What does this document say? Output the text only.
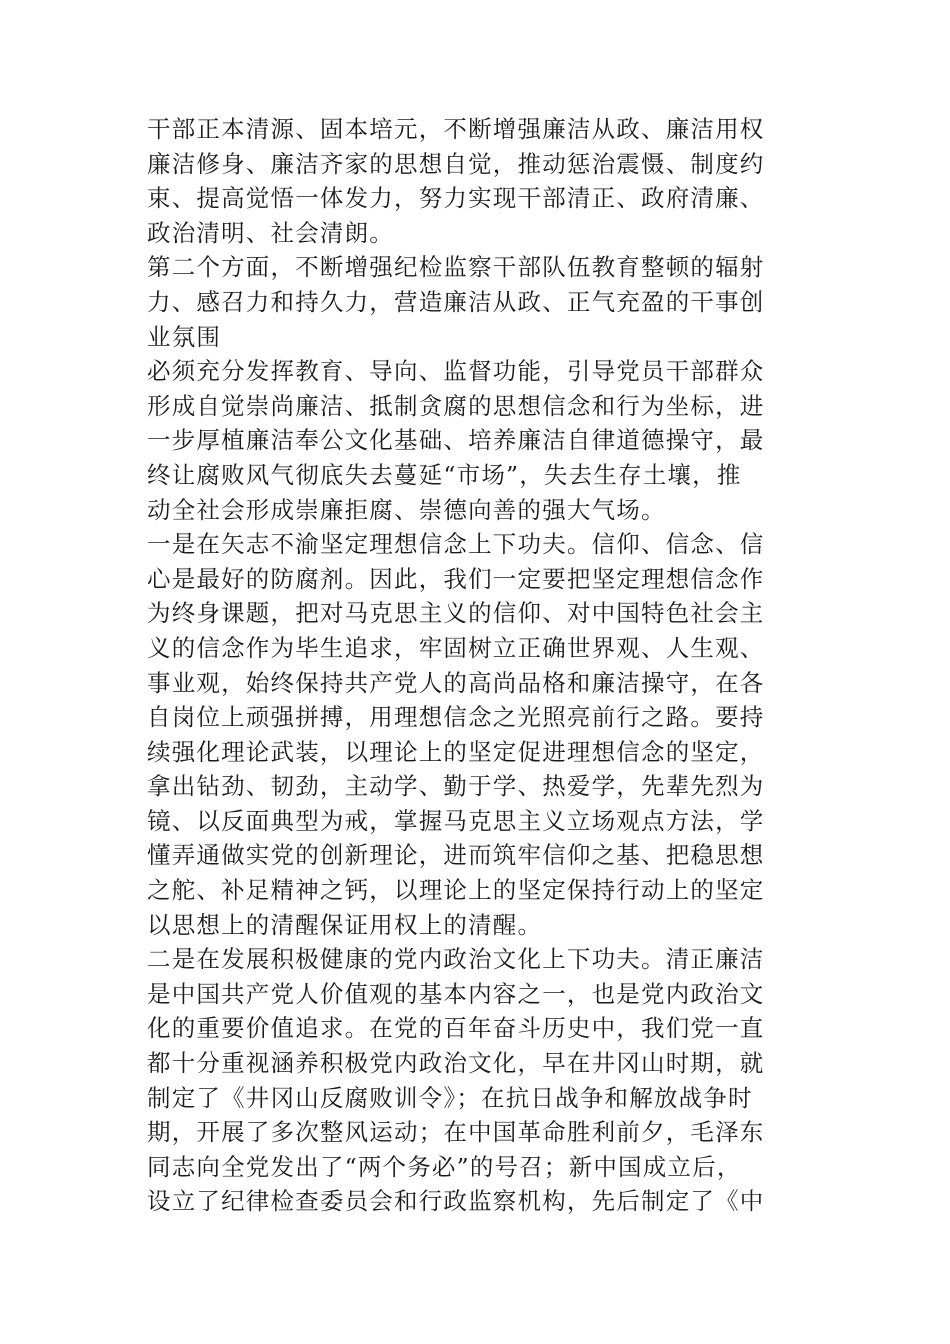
干部正本清源、固本培元，不断增强廉洁从政、廉洁用权
廉洁修身、廉洁齐家的思想自觉，推动惩治震慑、制度约
束、提高觉悟一体发力，努力实现干部清正、政府清廉、
政治清明、社会清朗。
第二个方面，不断增强纪检监察干部队伍教育整顿的辐射
力、感召力和持久力，营造廉洁从政、正气充盈的干事创
业氛围
必须充分发挥教育、导向、监督功能，引导党员干部群众
形成自觉崇尚廉洁、抵制贪腐的思想信念和行为坐标，进
一步厚植廉洁奉公文化基础、培养廉洁自律道德操守，最
终让腐败风气彻底失去蔓延“市场”，失去生存土壤，推
动全社会形成崇廉拒腐、崇德向善的强大气场。
一是在矢志不渝坚定理想信念上下功夫。信仰、信念、信
心是最好的防腐剂。因此，我们一定要把坚定理想信念作
为终身课题，把对马克思主义的信仰、对中国特色社会主
义的信念作为毕生追求，牢固树立正确世界观、人生观、
事业观，始终保持共产党人的高尚品格和廉洁操守，在各
自岗位上顽强拼搏，用理想信念之光照亮前行之路。要持
续强化理论武装，以理论上的坚定促进理想信念的坚定，
拿出钻劲、韧劲，主动学、勤于学、热爱学，先辈先烈为
镜、以反面典型为戒，掌握马克思主义立场观点方法，学
懂弄通做实党的创新理论，进而筑牢信仰之基、把稳思想
之舵、补足精神之钙，以理论上的坚定保持行动上的坚定
以思想上的清醒保证用权上的清醒。
二是在发展积极健康的党内政治文化上下功夫。清正廉洁
是中国共产党人价值观的基本内容之一，也是党内政治文
化的重要价值追求。在党的百年奋斗历史中，我们党一直
都十分重视涵养积极党内政治文化，早在井冈山时期，就
制定了《井冈山反腐败训令》；在抗日战争和解放战争时
期，开展了多次整风运动；在中国革命胜利前夕，毛泽东
同志向全党发出了“两个务必”的号召；新中国成立后，
设立了纪律检查委员会和行政监察机构，先后制定了《中
